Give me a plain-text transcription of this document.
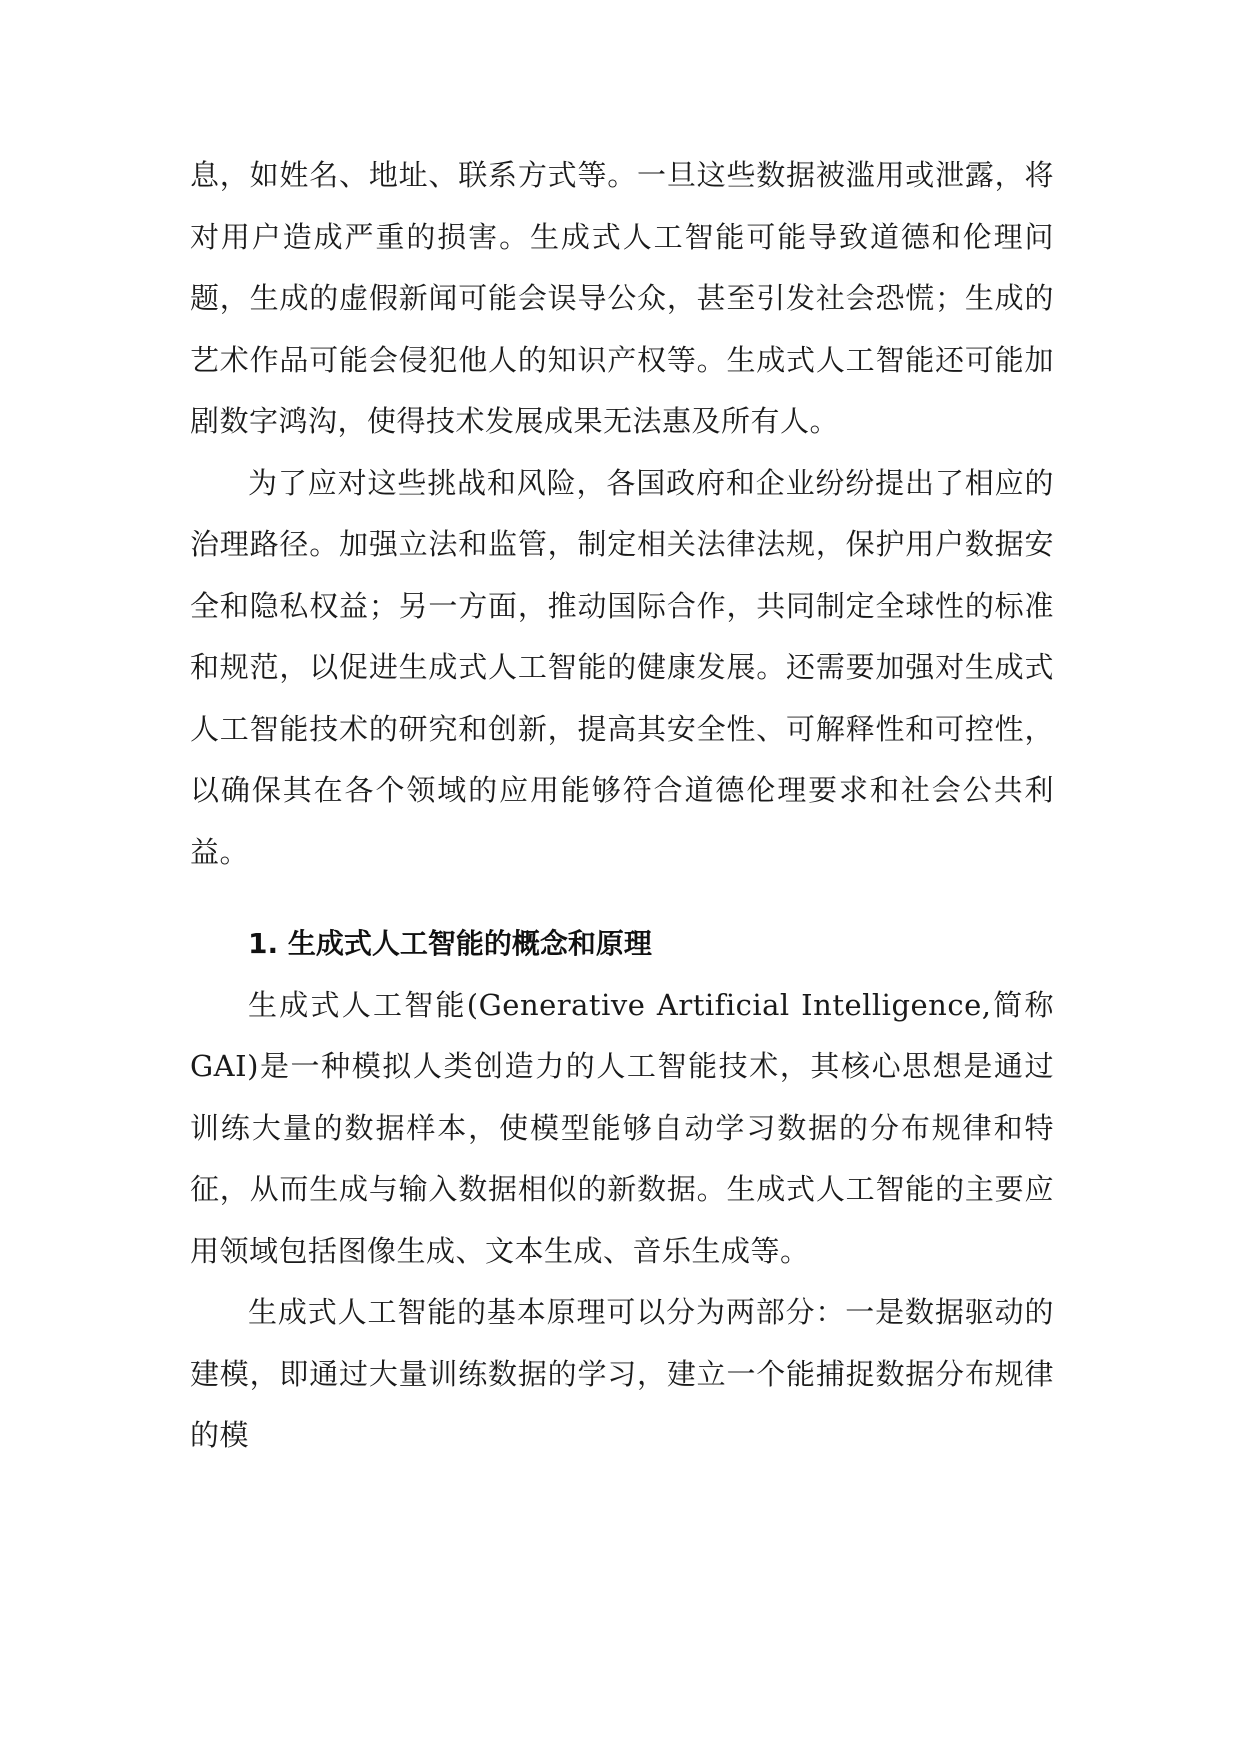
息，如姓名、地址、联系方式等。一旦这些数据被滥用或泄露，将对用户造成严重的损害。生成式人工智能可能导致道德和伦理问题，生成的虚假新闻可能会误导公众，甚至引发社会恐慌；生成的艺术作品可能会侵犯他人的知识产权等。生成式人工智能还可能加剧数字鸿沟，使得技术发展成果无法惠及所有人。

为了应对这些挑战和风险，各国政府和企业纷纷提出了相应的治理路径。加强立法和监管，制定相关法律法规，保护用户数据安全和隐私权益；另一方面，推动国际合作，共同制定全球性的标准和规范，以促进生成式人工智能的健康发展。还需要加强对生成式人工智能技术的研究和创新，提高其安全性、可解释性和可控性，以确保其在各个领域的应用能够符合道德伦理要求和社会公共利益。

1. 生成式人工智能的概念和原理

生成式人工智能(Generative Artificial Intelligence,简称GAI)是一种模拟人类创造力的人工智能技术，其核心思想是通过训练大量的数据样本，使模型能够自动学习数据的分布规律和特征，从而生成与输入数据相似的新数据。生成式人工智能的主要应用领域包括图像生成、文本生成、音乐生成等。

生成式人工智能的基本原理可以分为两部分：一是数据驱动的建模，即通过大量训练数据的学习，建立一个能捕捉数据分布规律的模
